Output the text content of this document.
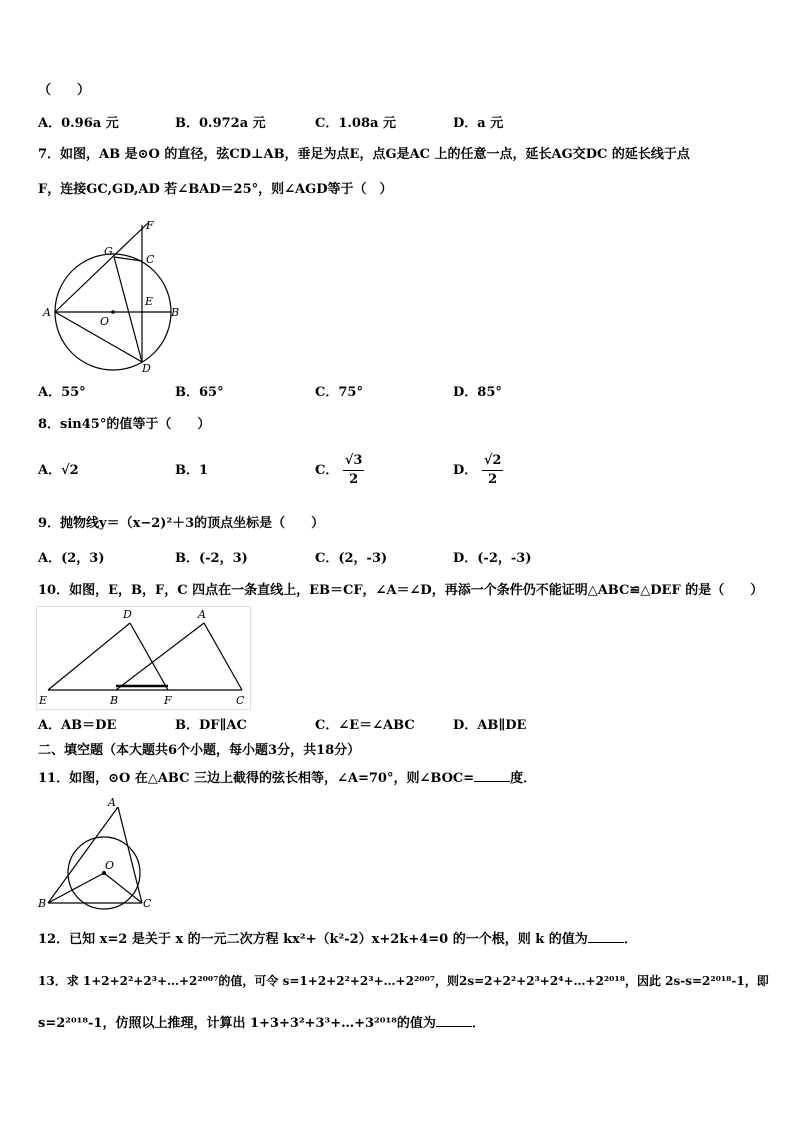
（　　）
A．0.96a 元	B．0.972a 元	C．1.08a 元	D．a 元
7．如图，AB 是⊙O 的直径，弦CD⊥AB，垂足为点E，点G是AC 上的任意一点，延长AG交DC 的延长线于点
F，连接GC,GD,AD 若∠BAD＝25°，则∠AGD等于（　）
F
G
C
E
A
O
B
D
A．55°	B．65°	C．75°	D．85°
8．sin45°的值等于（　　）
A．√2	B．1	C． $\frac{√3}{2}$	D． $\frac{√2}{2}$
9．抛物线y＝（x−2)²＋3的顶点坐标是（　　）
A．(2，3)	B．(-2，3)	C．(2，-3)	D．(-2，-3)
10．如图，E，B，F，C 四点在一条直线上，EB＝CF，∠A＝∠D，再添一个条件仍不能证明△ABC≌△DEF 的是（　　）
D	A
E	B	F	C
A．AB＝DE	B．DF∥AC	C．∠E＝∠ABC	D．AB∥DE
二、填空题（本大题共6个小题，每小题3分，共18分）
11．如图，⊙O 在△ABC 三边上截得的弦长相等，∠A=70°，则∠BOC=	度．
A
O
B	C
12．已知 x=2 是关于 x 的一元二次方程 kx²+（k²-2）x+2k+4=0 的一个根，则 k 的值为	．
13．求 1+2+2²+2³+…+2²⁰⁰⁷的值，可令 s=1+2+2²+2³+…+2²⁰⁰⁷，则2s=2+2²+2³+2⁴+…+2²⁰¹⁸，因此 2s-s=2²⁰¹⁸-1，即
s=2²⁰¹⁸-1，仿照以上推理，计算出 1+3+3²+3³+…+3²⁰¹⁸的值为	．
